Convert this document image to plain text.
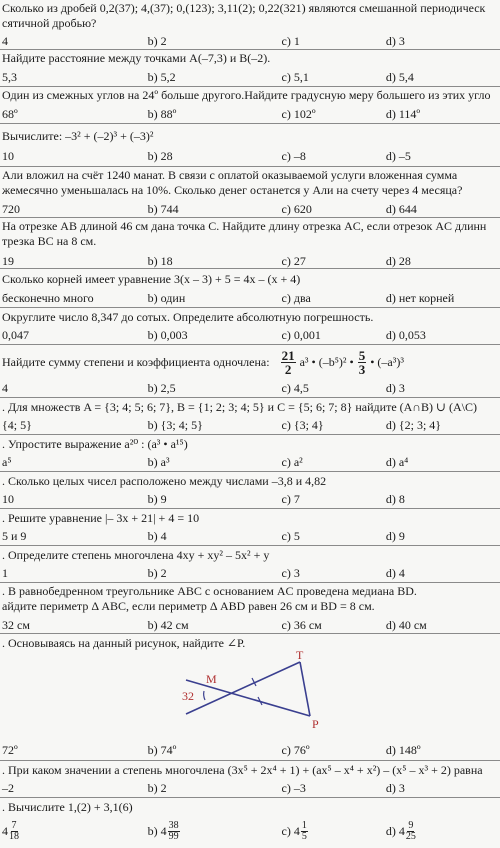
Сколько из дробей 0,2(37); 4,(37); 0,(123); 3,11(2); 0,22(321) являются смешанной периодическ
сятичной дробью?
4	b) 2	c) 1	d) 3
Найдите расстояние между точками A(–7,3) и B(–2).
5,3	b) 5,2	c) 5,1	d) 5,4
Один из смежных углов на 24º больше другого.Найдите градусную меру большего из этих угло
68º	b) 88º	c) 102º	d) 114º
Вычислите: –3² + (–2)³ + (–3)²
10	b) 28	c) –8	d) –5
Али вложил на счёт 1240 манат. В связи с оплатой оказываемой услуги вложенная сумма
жемесячно уменьшалась на 10%. Сколько денег останется у Али на счету через 4 месяца?
720	b) 744	c) 620	d) 644
На отрезке AB длиной 46 см дана точка C. Найдите длину отрезка AC, если отрезок AC длинн
трезка BC на 8 см.
19	b) 18	c) 27	d) 28
Сколько корней имеет уравнение 3(x – 3) + 5 = 4x – (x + 4)
бесконечно много	b) один	c) два	d) нет корней
Округлите число 8,347 до сотых. Определите абсолютную погрешность.
0,047	b) 0,003	c) 0,001	d) 0,053
Найдите сумму степени и коэффициента одночлена: $\frac{21}{2} a^3$ • (–b⁵)² • $\frac{5}{3}$ • (–a³)³
4	b) 2,5	c) 4,5	d) 3
. Для множеств A = {3; 4; 5; 6; 7}, B = {1; 2; 3; 4; 5} и C = {5; 6; 7; 8} найдите (A∩B) ∪ (A\C)
{4; 5}	b) {3; 4; 5}	c) {3; 4}	d) {2; 3; 4}
. Упростите выражение a²⁰ : (a³ • a¹⁵)
a⁵	b) a³	c) a²	d) a⁴
. Сколько целых чисел расположено между числами –3,8 и 4,82
10	b) 9	c) 7	d) 8
. Решите уравнение |– 3x + 21| + 4 = 10
5 и 9	b) 4	c) 5	d) 9
. Определите степень многочлена 4xy + xy² – 5x² + y
1	b) 2	c) 3	d) 4
. В равнобедренном треугольнике ABC с основанием AC проведена медиана BD.
айдите периметр Δ ABC, если периметр Δ ABD равен 26 см и BD = 8 см.
32 см	b) 42 см	c) 36 см	d) 40 см
. Основываясь на данный рисунок, найдите ∠P.
T
M
P
32
72º	b) 74º	c) 76º	d) 148º
. При каком значении a степень многочлена (3x⁵ + 2x⁴ + 1) + (ax⁵ – x⁴ + x²) – (x⁵ – x³ + 2) равна
–2	b) 2	c) –3	d) 3
. Вычислите 1,(2) + 3,1(6)
$4 \frac{7}{18}$	b) $4 \frac{38}{99}$	c) $4 \frac{1}{5}$	d) $4 \frac{9}{25}$
